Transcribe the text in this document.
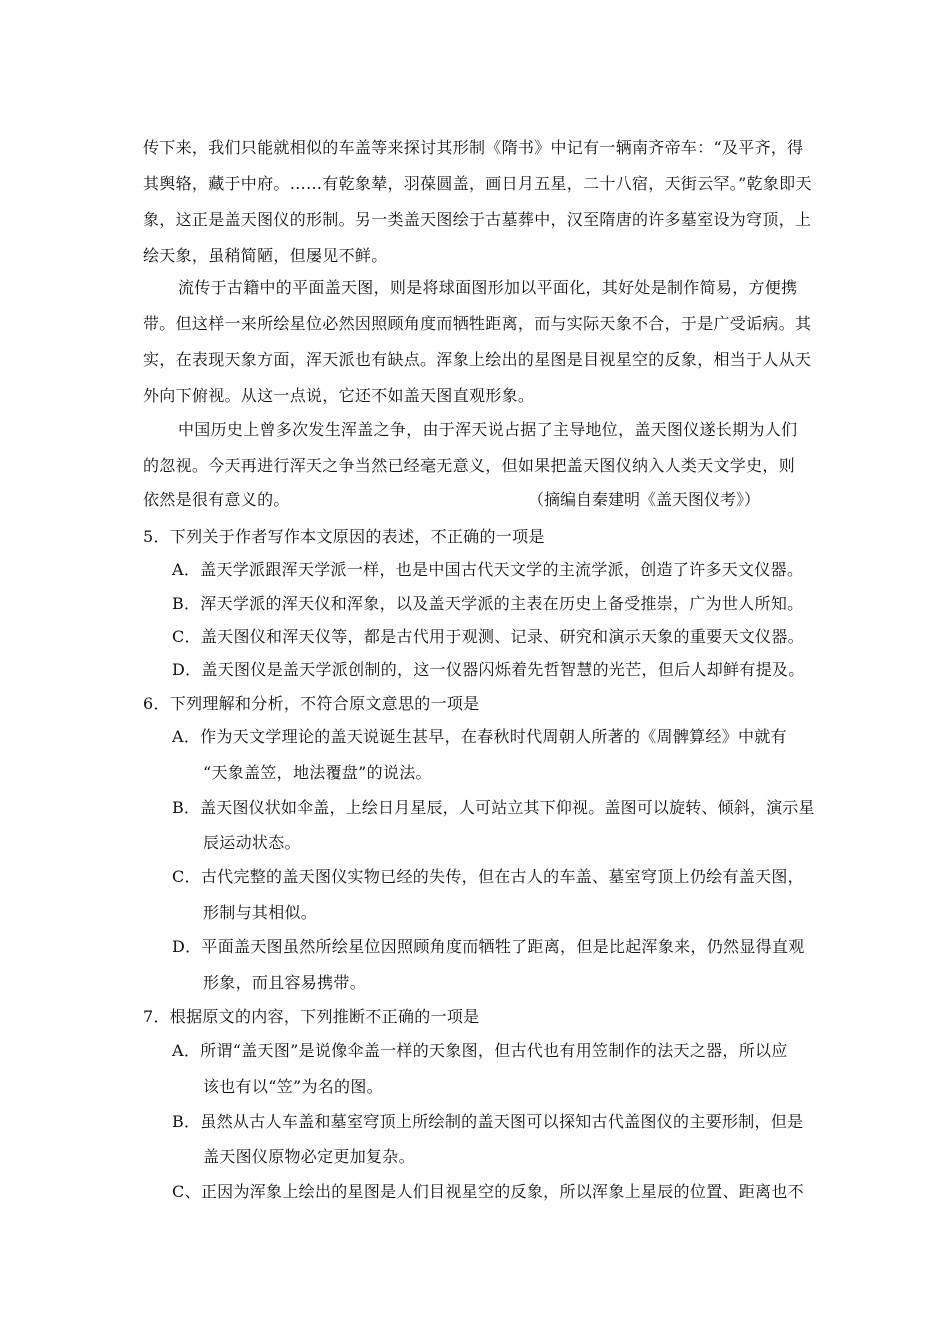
传下来，我们只能就相似的车盖等来探讨其形制《隋书》中记有一辆南齐帝车：“及平齐，得
其舆辂，藏于中府。……有乾象辇，羽葆圆盖，画日月五星，二十八宿，天街云罕。”乾象即天
象，这正是盖天图仪的形制。另一类盖天图绘于古墓葬中，汉至隋唐的许多墓室设为穹顶，上
绘天象，虽稍简陋，但屡见不鲜。
流传于古籍中的平面盖天图，则是将球面图形加以平面化，其好处是制作简易，方便携
带。但这样一来所绘星位必然因照顾角度而牺牲距离，而与实际天象不合，于是广受诟病。其
实，在表现天象方面，浑天派也有缺点。浑象上绘出的星图是目视星空的反象，相当于人从天
外向下俯视。从这一点说，它还不如盖天图直观形象。
中国历史上曾多次发生浑盖之争，由于浑天说占据了主导地位，盖天图仪遂长期为人们
的忽视。今天再进行浑天之争当然已经毫无意义，但如果把盖天图仪纳入人类天文学史，则
依然是很有意义的。	（摘编自秦建明《盖天图仪考》）
5．下列关于作者写作本文原因的表述，不正确的一项是
A．盖天学派跟浑天学派一样，也是中国古代天文学的主流学派，创造了许多天文仪器。
B．浑天学派的浑天仪和浑象，以及盖天学派的主表在历史上备受推崇，广为世人所知。
C．盖天图仪和浑天仪等，都是古代用于观测、记录、研究和演示天象的重要天文仪器。
D．盖天图仪是盖天学派创制的，这一仪器闪烁着先哲智慧的光芒，但后人却鲜有提及。
6．下列理解和分析，不符合原文意思的一项是
A．作为天文学理论的盖天说诞生甚早，在春秋时代周朝人所著的《周髀算经》中就有
“天象盖笠，地法覆盘”的说法。
B．盖天图仪状如伞盖，上绘日月星辰，人可站立其下仰视。盖图可以旋转、倾斜，演示星
辰运动状态。
C．古代完整的盖天图仪实物已经的失传，但在古人的车盖、墓室穹顶上仍绘有盖天图，
形制与其相似。
D．平面盖天图虽然所绘星位因照顾角度而牺牲了距离，但是比起浑象来，仍然显得直观
形象，而且容易携带。
7．根据原文的内容，下列推断不正确的一项是
A．所谓“盖天图”是说像伞盖一样的天象图，但古代也有用笠制作的法天之器，所以应
该也有以“笠”为名的图。
B．虽然从古人车盖和墓室穹顶上所绘制的盖天图可以探知古代盖图仪的主要形制，但是
盖天图仪原物必定更加复杂。
C、正因为浑象上绘出的星图是人们目视星空的反象，所以浑象上星辰的位置、距离也不
